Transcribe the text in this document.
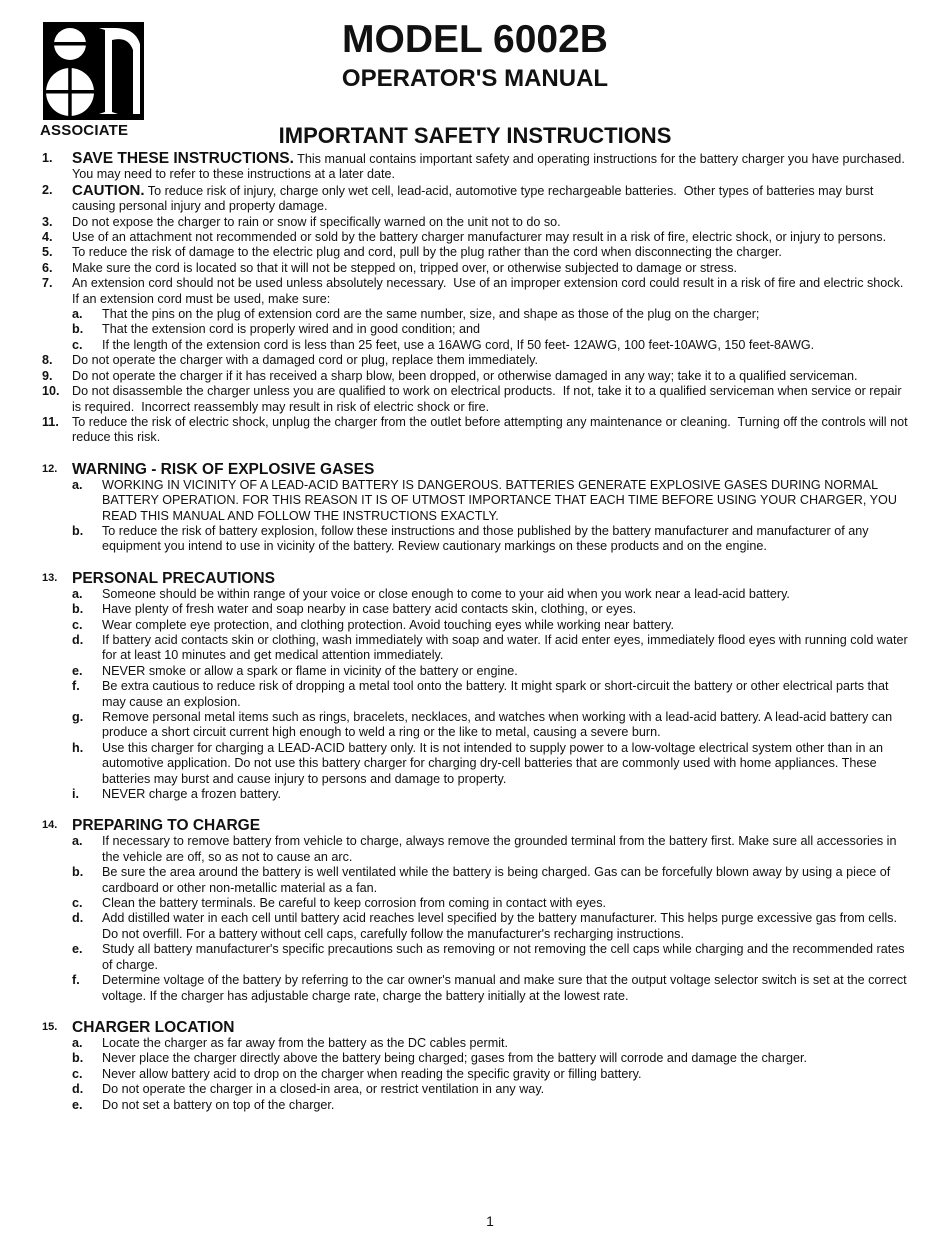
ASSOCIATE
MODEL 6002B
OPERATOR'S MANUAL
IMPORTANT SAFETY INSTRUCTIONS
1. SAVE THESE INSTRUCTIONS. This manual contains important safety and operating instructions for the battery charger you have purchased.  You may need to refer to these instructions at a later date.
2. CAUTION. To reduce risk of injury, charge only wet cell, lead-acid, automotive type rechargeable batteries.  Other types of batteries may burst causing personal injury and property damage.
3. Do not expose the charger to rain or snow if specifically warned on the unit not to do so.
4. Use of an attachment not recommended or sold by the battery charger manufacturer may result in a risk of fire, electric shock, or injury to persons.
5. To reduce the risk of damage to the electric plug and cord, pull by the plug rather than the cord when disconnecting the charger.
6. Make sure the cord is located so that it will not be stepped on, tripped over, or otherwise subjected to damage or stress.
7. An extension cord should not be used unless absolutely necessary.  Use of an improper extension cord could result in a risk of fire and electric shock.  If an extension cord must be used, make sure:
a. That the pins on the plug of extension cord are the same number, size, and shape as those of the plug on the charger;
b. That the extension cord is properly wired and in good condition; and
c. If the length of the extension cord is less than 25 feet, use a 16AWG cord, If 50 feet- 12AWG, 100 feet-10AWG, 150 feet-8AWG.
8. Do not operate the charger with a damaged cord or plug, replace them immediately.
9. Do not operate the charger if it has received a sharp blow, been dropped, or otherwise damaged in any way; take it to a qualified serviceman.
10. Do not disassemble the charger unless you are qualified to work on electrical products.  If not, take it to a qualified serviceman when service or repair is required.  Incorrect reassembly may result in risk of electric shock or fire.
11. To reduce the risk of electric shock, unplug the charger from the outlet before attempting any maintenance or cleaning.  Turning off the controls will not reduce this risk.
12. WARNING - RISK OF EXPLOSIVE GASES
a. WORKING IN VICINITY OF A LEAD-ACID BATTERY IS DANGEROUS. BATTERIES GENERATE EXPLOSIVE GASES DURING NORMAL BATTERY OPERATION. FOR THIS REASON IT IS OF UTMOST IMPORTANCE THAT EACH TIME BEFORE USING YOUR CHARGER, YOU READ THIS MANUAL AND FOLLOW THE INSTRUCTIONS EXACTLY.
b. To reduce the risk of battery explosion, follow these instructions and those published by the battery manufacturer and manufacturer of any equipment you intend to use in vicinity of the battery. Review cautionary markings on these products and on the engine.
13. PERSONAL PRECAUTIONS
a. Someone should be within range of your voice or close enough to come to your aid when you work near a lead-acid battery.
b. Have plenty of fresh water and soap nearby in case battery acid contacts skin, clothing, or eyes.
c. Wear complete eye protection, and clothing protection. Avoid touching eyes while working near battery.
d. If battery acid contacts skin or clothing, wash immediately with soap and water. If acid enter eyes, immediately flood eyes with running cold water for at least 10 minutes and get medical attention immediately.
e. NEVER smoke or allow a spark or flame in vicinity of the battery or engine.
f. Be extra cautious to reduce risk of dropping a metal tool onto the battery. It might spark or short-circuit the battery or other electrical parts that may cause an explosion.
g. Remove personal metal items such as rings, bracelets, necklaces, and watches when working with a lead-acid battery. A lead-acid battery can produce a short circuit current high enough to weld a ring or the like to metal, causing a severe burn.
h. Use this charger for charging a LEAD-ACID battery only. It is not intended to supply power to a low-voltage electrical system other than in an automotive application. Do not use this battery charger for charging dry-cell batteries that are commonly used with home appliances. These batteries may burst and cause injury to persons and damage to property.
i. NEVER charge a frozen battery.
14. PREPARING TO CHARGE
a. If necessary to remove battery from vehicle to charge, always remove the grounded terminal from the battery first. Make sure all accessories in the vehicle are off, so as not to cause an arc.
b. Be sure the area around the battery is well ventilated while the battery is being charged. Gas can be forcefully blown away by using a piece of cardboard or other non-metallic material as a fan.
c. Clean the battery terminals. Be careful to keep corrosion from coming in contact with eyes.
d. Add distilled water in each cell until battery acid reaches level specified by the battery manufacturer. This helps purge excessive gas from cells. Do not overfill. For a battery without cell caps, carefully follow the manufacturer's recharging instructions.
e. Study all battery manufacturer's specific precautions such as removing or not removing the cell caps while charging and the recommended rates of charge.
f. Determine voltage of the battery by referring to the car owner's manual and make sure that the output voltage selector switch is set at the correct voltage. If the charger has adjustable charge rate, charge the battery initially at the lowest rate.
15. CHARGER LOCATION
a. Locate the charger as far away from the battery as the DC cables permit.
b. Never place the charger directly above the battery being charged; gases from the battery will corrode and damage the charger.
c. Never allow battery acid to drop on the charger when reading the specific gravity or filling battery.
d. Do not operate the charger in a closed-in area, or restrict ventilation in any way.
e. Do not set a battery on top of the charger.
1
